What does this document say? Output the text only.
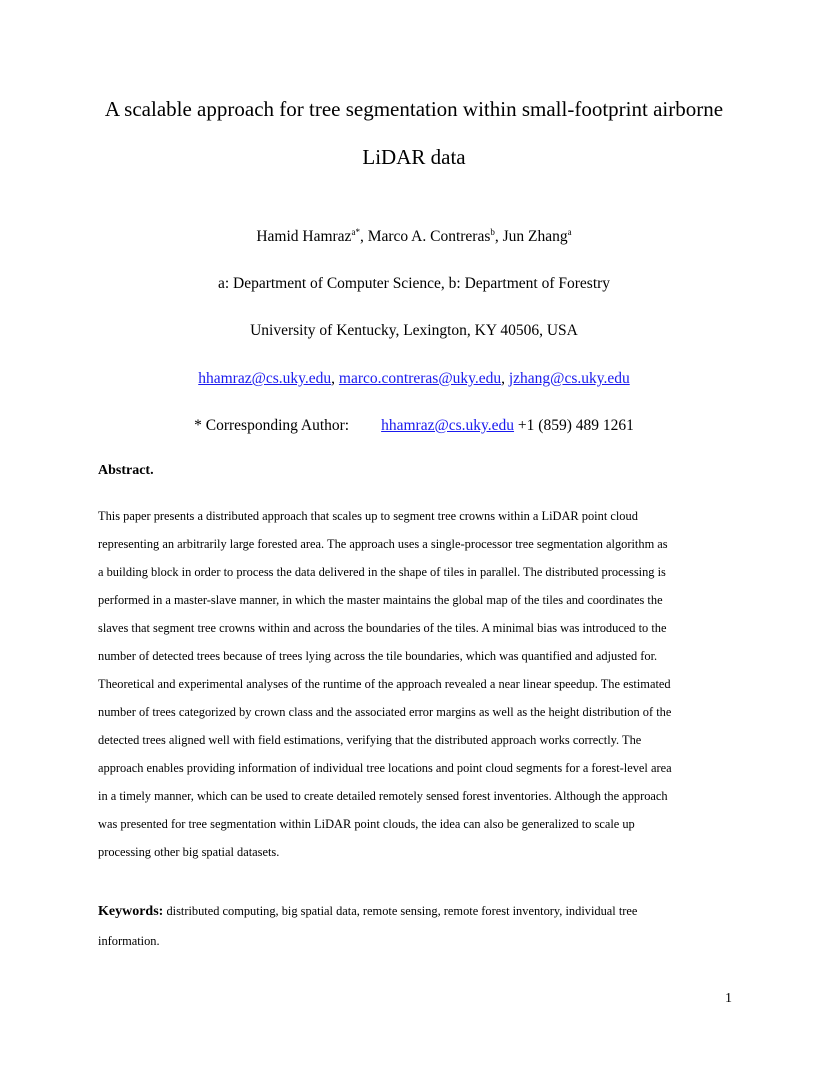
A scalable approach for tree segmentation within small-footprint airborne
LiDAR data
Hamid Hamraz$^{a*}$, Marco A. Contreras$^b$, Jun Zhang$^a$
a: Department of Computer Science, b: Department of Forestry
University of Kentucky, Lexington, KY 40506, USA
hhamraz@cs.uky.edu, marco.contreras@uky.edu, jzhang@cs.uky.edu
* Corresponding Author: hhamraz@cs.uky.edu +1 (859) 489 1261
Abstract.
This paper presents a distributed approach that scales up to segment tree crowns within a LiDAR point cloud
representing an arbitrarily large forested area. The approach uses a single-processor tree segmentation algorithm as
a building block in order to process the data delivered in the shape of tiles in parallel. The distributed processing is
performed in a master-slave manner, in which the master maintains the global map of the tiles and coordinates the
slaves that segment tree crowns within and across the boundaries of the tiles. A minimal bias was introduced to the
number of detected trees because of trees lying across the tile boundaries, which was quantified and adjusted for.
Theoretical and experimental analyses of the runtime of the approach revealed a near linear speedup. The estimated
number of trees categorized by crown class and the associated error margins as well as the height distribution of the
detected trees aligned well with field estimations, verifying that the distributed approach works correctly. The
approach enables providing information of individual tree locations and point cloud segments for a forest-level area
in a timely manner, which can be used to create detailed remotely sensed forest inventories. Although the approach
was presented for tree segmentation within LiDAR point clouds, the idea can also be generalized to scale up
processing other big spatial datasets.
Keywords: distributed computing, big spatial data, remote sensing, remote forest inventory, individual tree
information.
1
